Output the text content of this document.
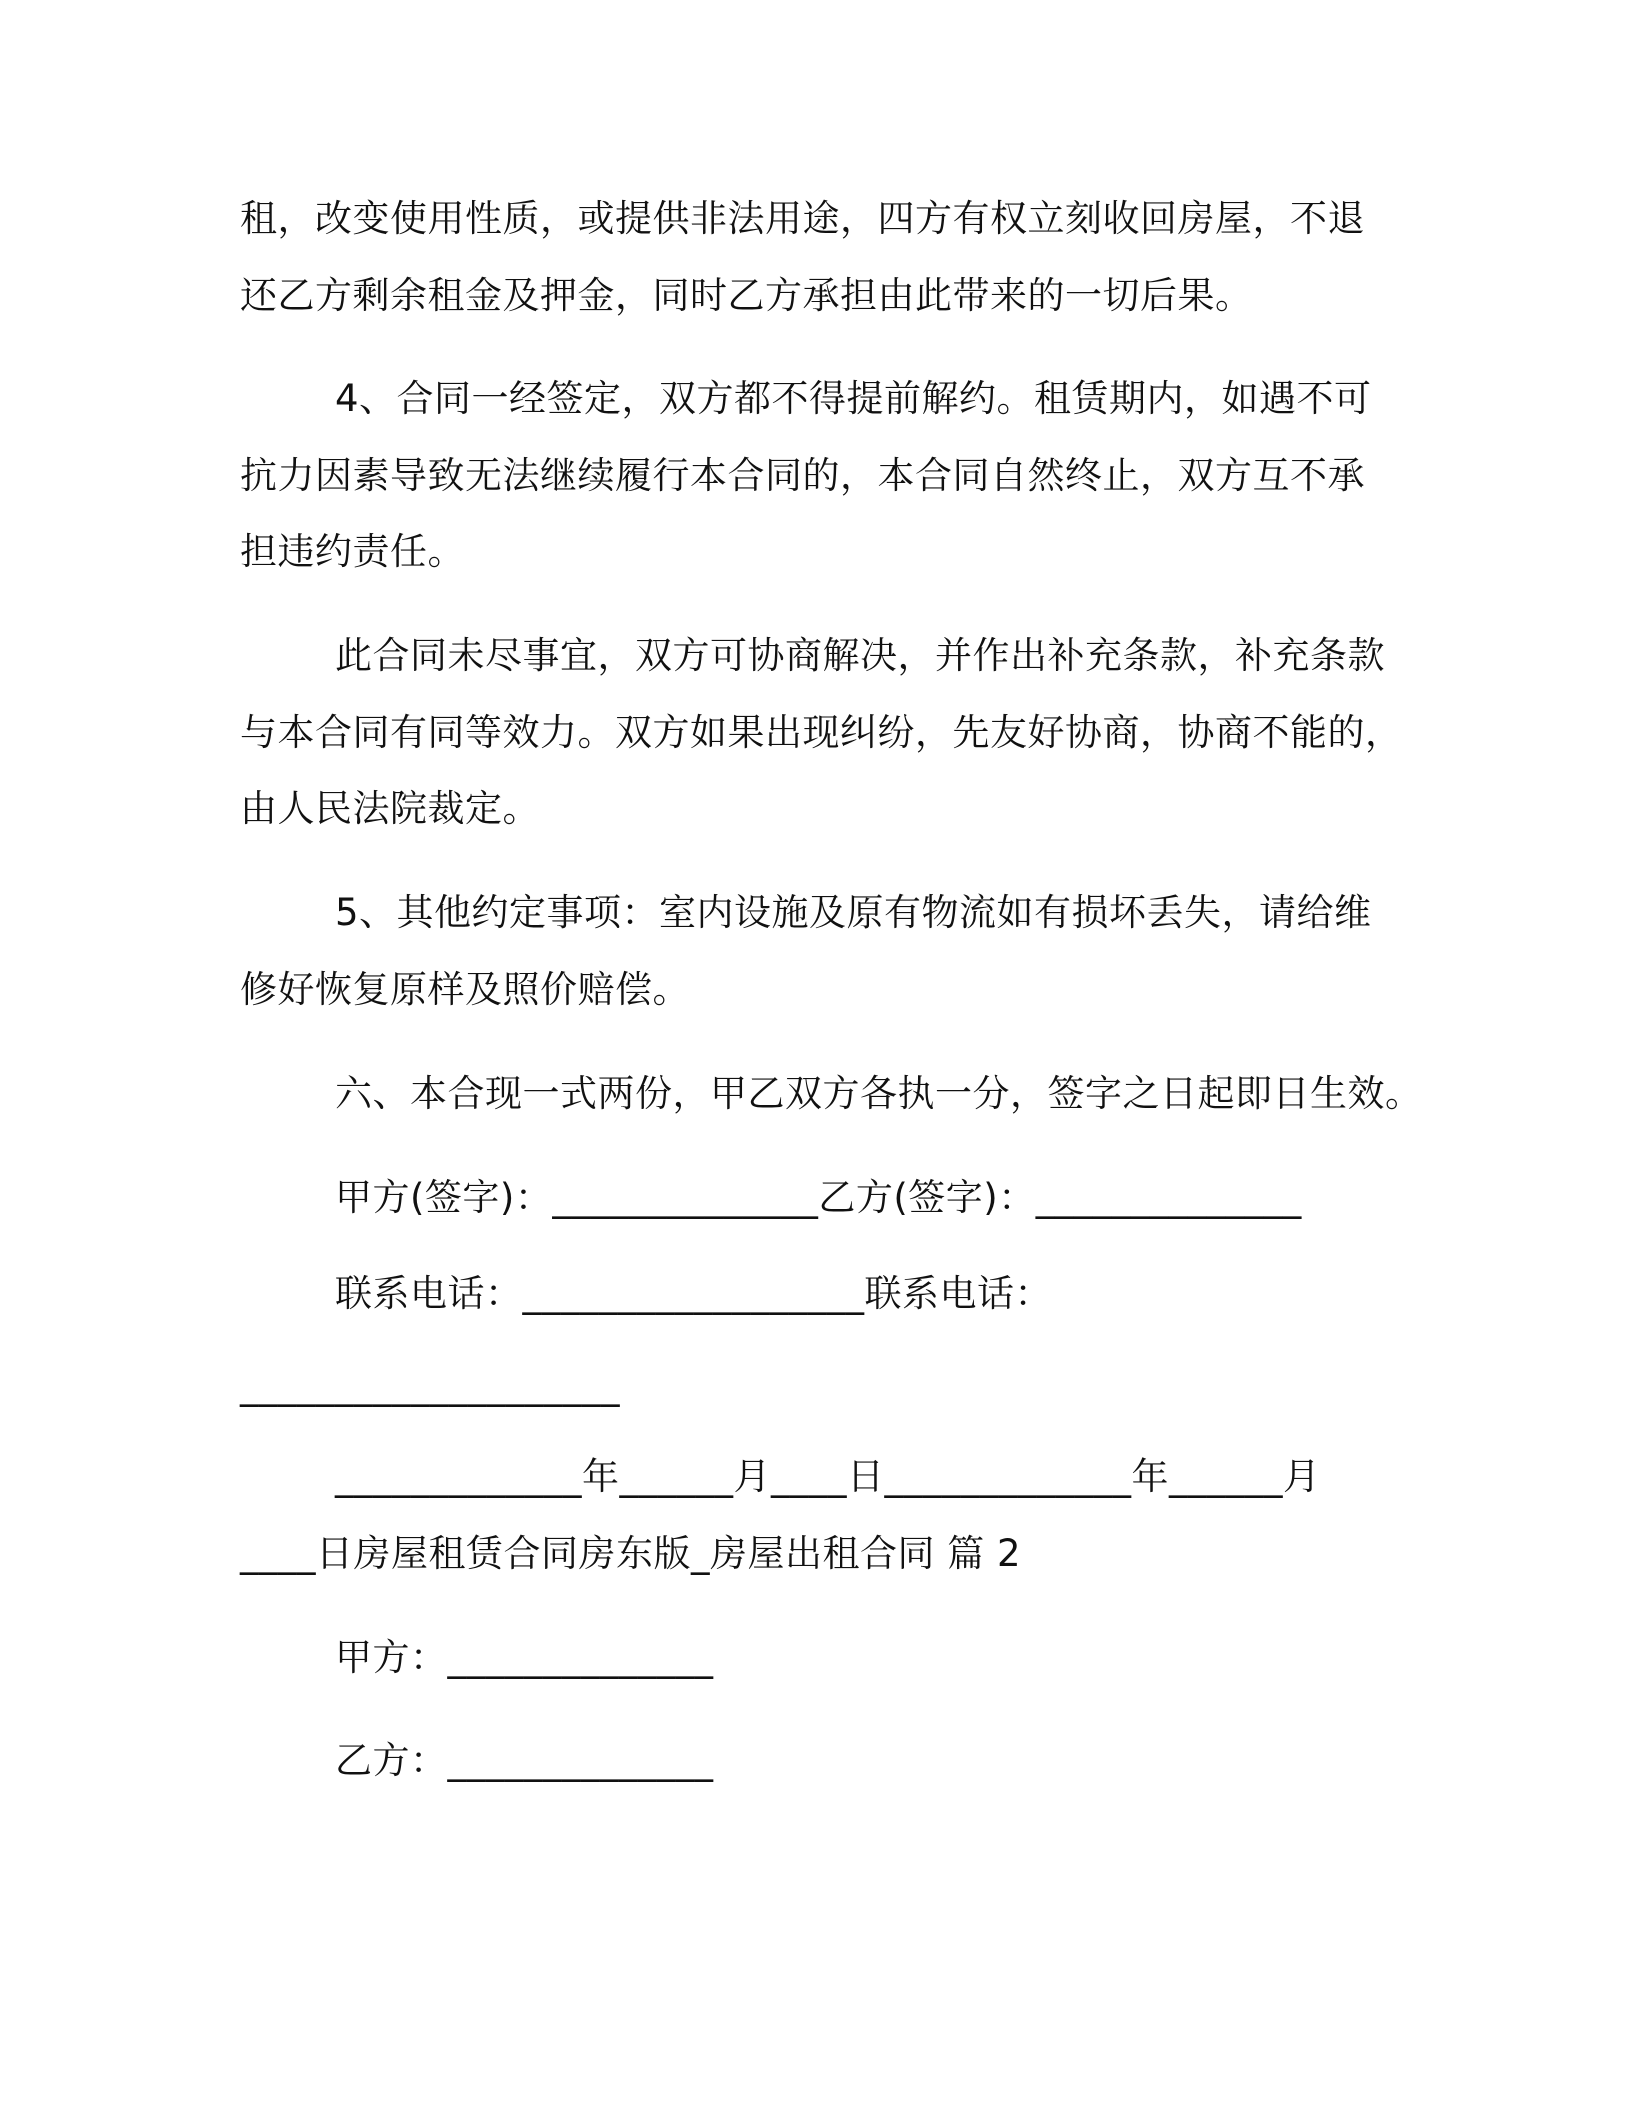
租，改变使用性质，或提供非法用途，四方有权立刻收回房屋，不退
还乙方剩余租金及押金，同时乙方承担由此带来的一切后果。
4、合同一经签定，双方都不得提前解约。租赁期内，如遇不可
抗力因素导致无法继续履行本合同的，本合同自然终止，双方互不承
担违约责任。
此合同未尽事宜，双方可协商解决，并作出补充条款，补充条款
与本合同有同等效力。双方如果出现纠纷，先友好协商，协商不能的，
由人民法院裁定。
5、其他约定事项：室内设施及原有物流如有损坏丢失，请给维
修好恢复原样及照价赔偿。
六、本合现一式两份，甲乙双方各执一分，签字之日起即日生效。
甲方(签字)：______________乙方(签字)：______________
联系电话：__________________联系电话：
____________________
_____________年______月____日_____________年______月
____日房屋租赁合同房东版_房屋出租合同 篇 2
甲方：______________
乙方：______________
